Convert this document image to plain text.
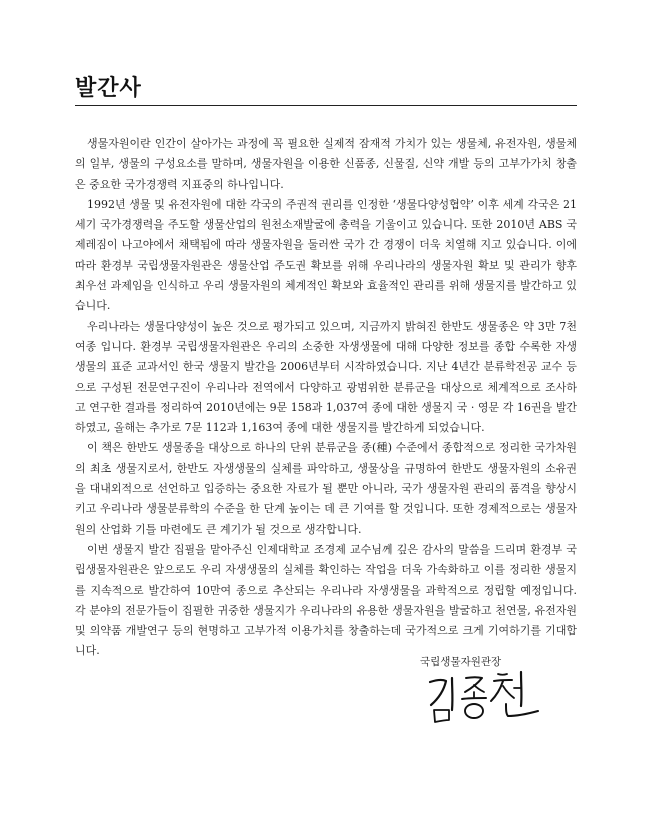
발간사

생물자원이란 인간이 살아가는 과정에 꼭 필요한 실제적 잠재적 가치가 있는 생물체, 유전자원, 생물체의 일부, 생물의 구성요소를 말하며, 생물자원을 이용한 신품종, 신물질, 신약 개발 등의 고부가가치 창출은 중요한 국가경쟁력 지표중의 하나입니다.

1992년 생물 및 유전자원에 대한 각국의 주권적 권리를 인정한 ‘생물다양성협약’ 이후 세계 각국은 21세기 국가경쟁력을 주도할 생물산업의 원천소재발굴에 총력을 기울이고 있습니다. 또한 2010년 ABS 국제레짐이 나고야에서 채택됨에 따라 생물자원을 둘러싼 국가 간 경쟁이 더욱 치열해 지고 있습니다. 이에 따라 환경부 국립생물자원관은 생물산업 주도권 확보를 위해 우리나라의 생물자원 확보 및 관리가 향후 최우선 과제임을 인식하고 우리 생물자원의 체계적인 확보와 효율적인 관리를 위해 생물지를 발간하고 있습니다.

우리나라는 생물다양성이 높은 것으로 평가되고 있으며, 지금까지 밝혀진 한반도 생물종은 약 3만 7천여종 입니다. 환경부 국립생물자원관은 우리의 소중한 자생생물에 대해 다양한 정보를 종합 수록한 자생생물의 표준 교과서인 한국 생물지 발간을 2006년부터 시작하였습니다. 지난 4년간 분류학전공 교수 등으로 구성된 전문연구진이 우리나라 전역에서 다양하고 광범위한 분류군을 대상으로 체계적으로 조사하고 연구한 결과를 정리하여 2010년에는 9문 158과 1,037여 종에 대한 생물지 국 · 영문 각 16권을 발간하였고, 올해는 추가로 7문 112과 1,163여 종에 대한 생물지를 발간하게 되었습니다.

이 책은 한반도 생물종을 대상으로 하나의 단위 분류군을 종(種) 수준에서 종합적으로 정리한 국가차원의 최초 생물지로서, 한반도 자생생물의 실체를 파악하고, 생물상을 규명하여 한반도 생물자원의 소유권을 대내외적으로 선언하고 입증하는 중요한 자료가 될 뿐만 아니라, 국가 생물자원 관리의 품격을 향상시키고 우리나라 생물분류학의 수준을 한 단계 높이는 데 큰 기여를 할 것입니다. 또한 경제적으로는 생물자원의 산업화 기틀 마련에도 큰 계기가 될 것으로 생각합니다.

이번 생물지 발간 집필을 맡아주신 인제대학교 조경제 교수님께 깊은 감사의 말씀을 드리며 환경부 국립생물자원관은 앞으로도 우리 자생생물의 실체를 확인하는 작업을 더욱 가속화하고 이를 정리한 생물지를 지속적으로 발간하여 10만여 종으로 추산되는 우리나라 자생생물을 과학적으로 정립할 예정입니다. 각 분야의 전문가들이 집필한 귀중한 생물지가 우리나라의 유용한 생물자원을 발굴하고 천연물, 유전자원 및 의약품 개발연구 등의 현명하고 고부가적 이용가치를 창출하는데 국가적으로 크게 기여하기를 기대합니다.

국립생물자원관장
